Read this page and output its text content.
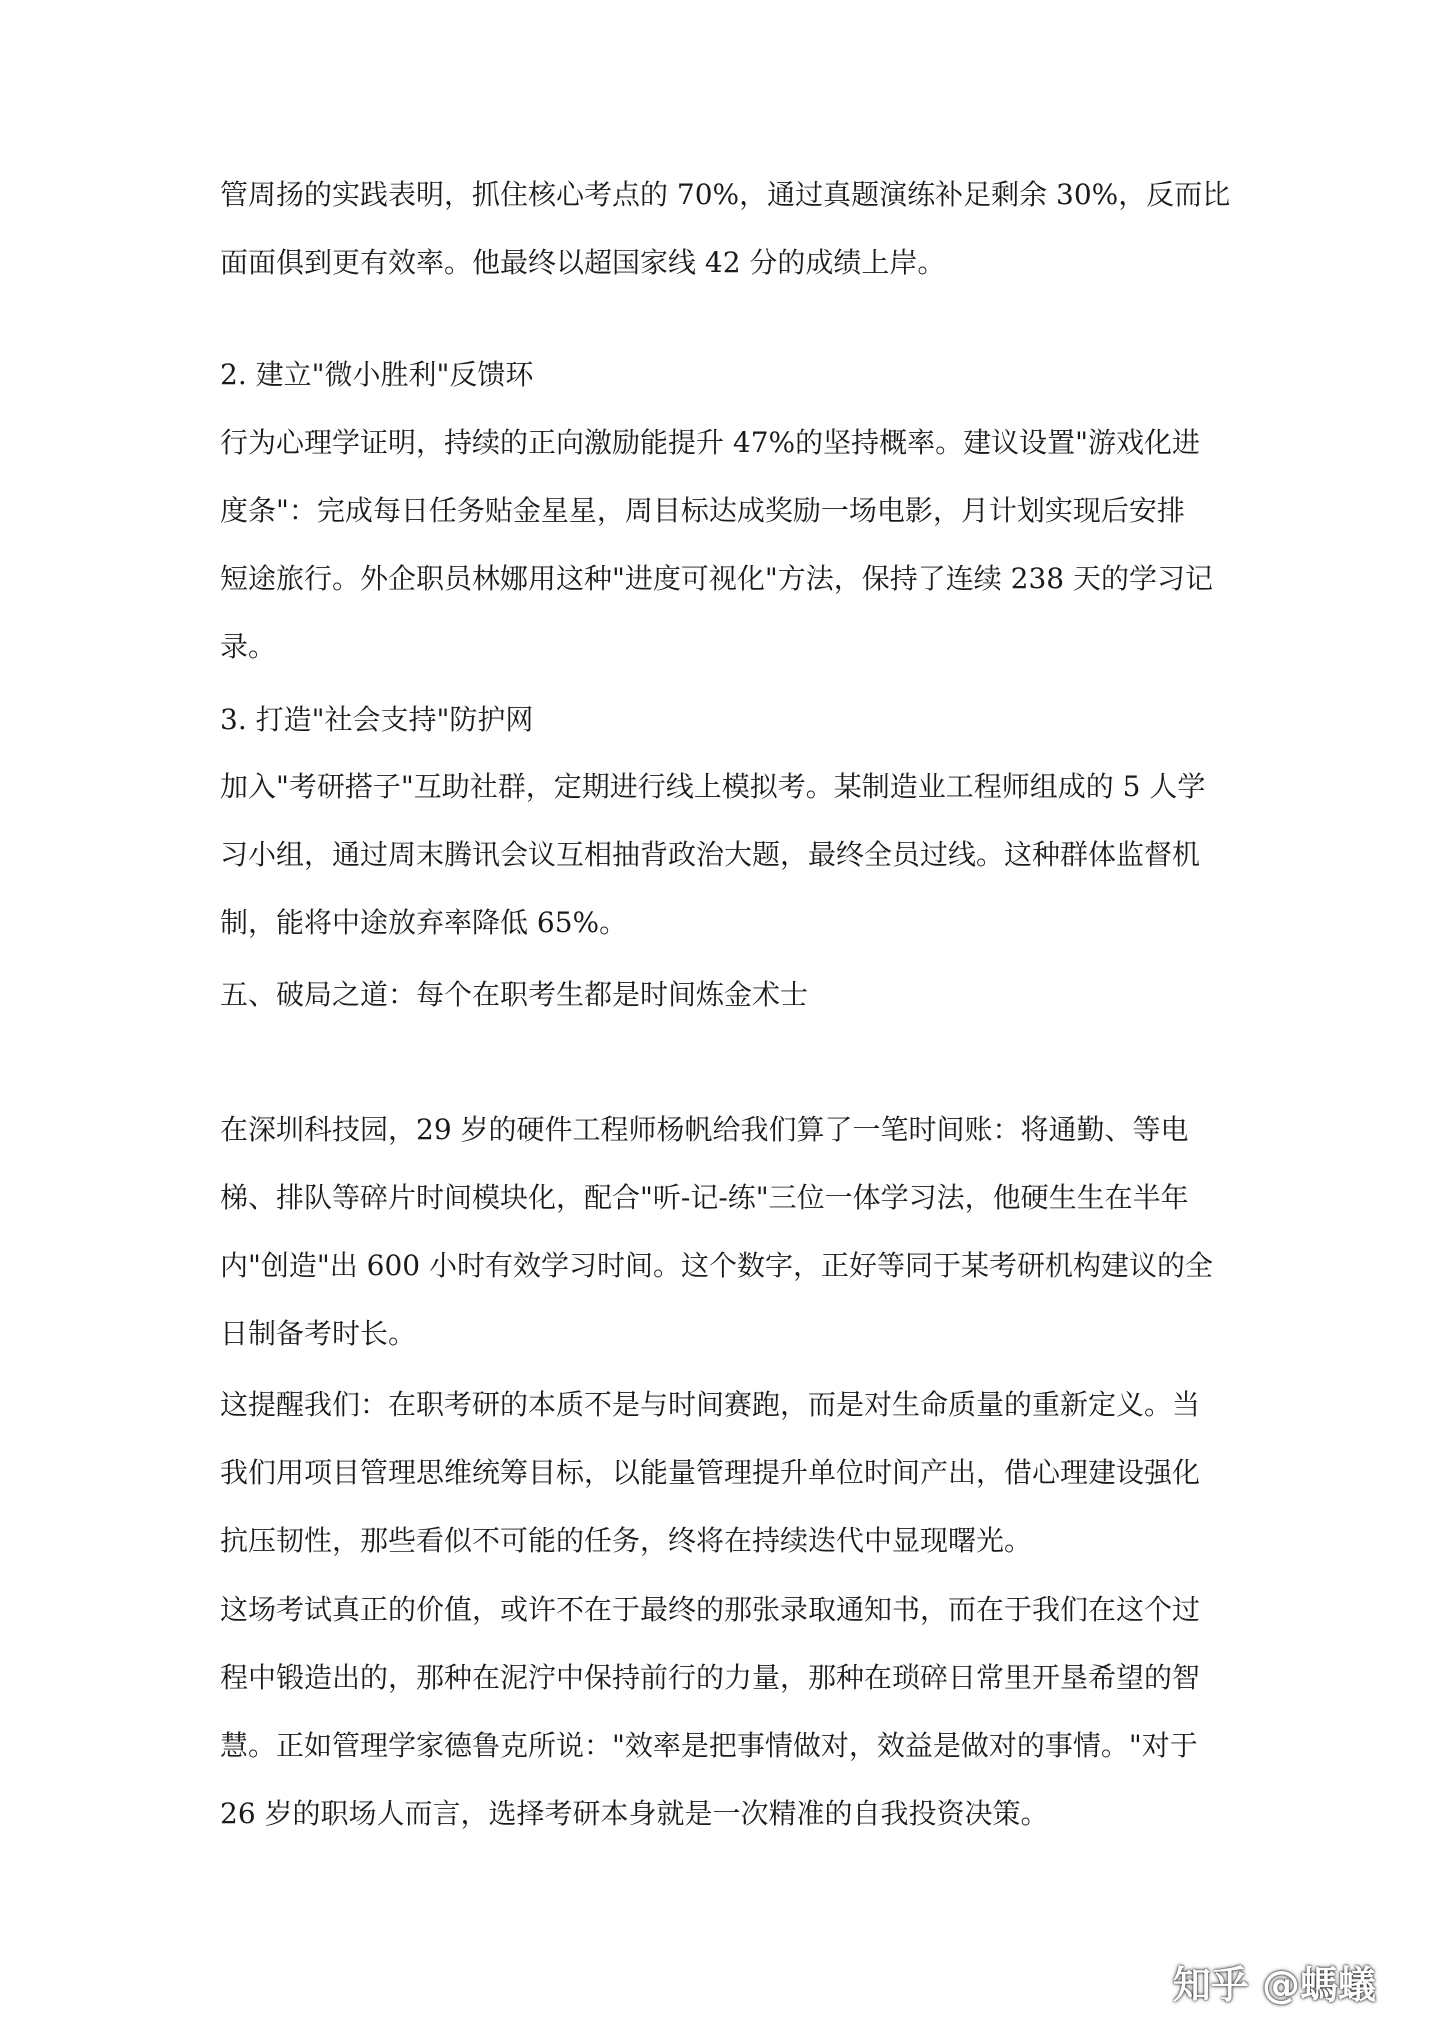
管周扬的实践表明，抓住核心考点的 70%，通过真题演练补足剩余 30%，反而比
面面俱到更有效率。他最终以超国家线 42 分的成绩上岸。
2. 建立"微小胜利"反馈环
行为心理学证明，持续的正向激励能提升 47%的坚持概率。建议设置"游戏化进
度条"：完成每日任务贴金星星，周目标达成奖励一场电影，月计划实现后安排
短途旅行。外企职员林娜用这种"进度可视化"方法，保持了连续 238 天的学习记
录。
3. 打造"社会支持"防护网
加入"考研搭子"互助社群，定期进行线上模拟考。某制造业工程师组成的 5 人学
习小组，通过周末腾讯会议互相抽背政治大题，最终全员过线。这种群体监督机
制，能将中途放弃率降低 65%。
五、破局之道：每个在职考生都是时间炼金术士
在深圳科技园，29 岁的硬件工程师杨帆给我们算了一笔时间账：将通勤、等电
梯、排队等碎片时间模块化，配合"听-记-练"三位一体学习法，他硬生生在半年
内"创造"出 600 小时有效学习时间。这个数字，正好等同于某考研机构建议的全
日制备考时长。
这提醒我们：在职考研的本质不是与时间赛跑，而是对生命质量的重新定义。当
我们用项目管理思维统筹目标，以能量管理提升单位时间产出，借心理建设强化
抗压韧性，那些看似不可能的任务，终将在持续迭代中显现曙光。
这场考试真正的价值，或许不在于最终的那张录取通知书，而在于我们在这个过
程中锻造出的，那种在泥泞中保持前行的力量，那种在琐碎日常里开垦希望的智
慧。正如管理学家德鲁克所说："效率是把事情做对，效益是做对的事情。"对于
26 岁的职场人而言，选择考研本身就是一次精准的自我投资决策。
知乎 @螞蟻
